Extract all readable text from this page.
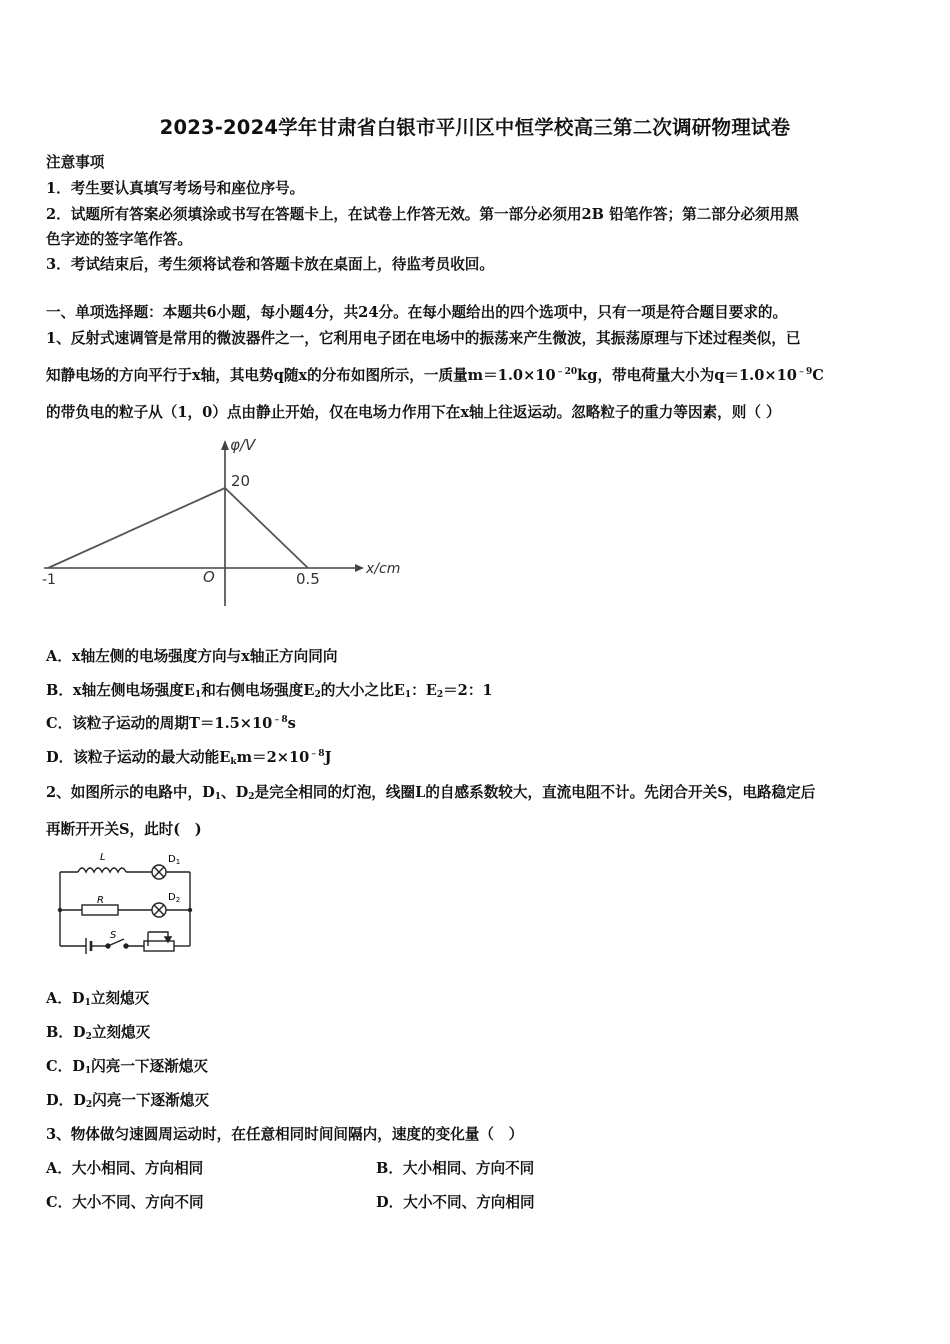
2023-2024学年甘肃省白银市平川区中恒学校高三第二次调研物理试卷
注意事项
1．考生要认真填写考场号和座位序号。
2．试题所有答案必须填涂或书写在答题卡上，在试卷上作答无效。第一部分必须用2B 铅笔作答；第二部分必须用黑
色字迹的签字笔作答。
3．考试结束后，考生须将试卷和答题卡放在桌面上，待监考员收回。
一、单项选择题：本题共6小题，每小题4分，共24分。在每小题给出的四个选项中，只有一项是符合题目要求的。
1、反射式速调管是常用的微波器件之一，它利用电子团在电场中的振荡来产生微波，其振荡原理与下述过程类似，已
知静电场的方向平行于x轴，其电势q随x的分布如图所示，一质量$m=1.0\times 10^{﹣20}kg$，带电荷量大小为$q=1.0\times 10^{﹣9}C$
的带负电的粒子从（1，0）点由静止开始，仅在电场力作用下在x轴上往返运动。忽略粒子的重力等因素，则（ ）
φ/V
x/cm
20
O
-1	0.5
A．x轴左侧的电场强度方向与x轴正方向同向
B．x轴左侧电场强度$E_1$和右侧电场强度$E_2$的大小之比$E_1$：$E_2=2$：1
C．该粒子运动的周期$T=1.5\times 10^{﹣8}s$
D．该粒子运动的最大动能$E_km=2\times 10^{﹣8}J$
2、如图所示的电路中，$D_1$、$D_2$是完全相同的灯泡，线圈L的自感系数较大，直流电阻不计。先闭合开关S，电路稳定后
再断开开关S，此时(　)
L
R
S
$D_1$
$D_2$
A．$D_1$立刻熄灭
B．$D_2$立刻熄灭
C．$D_1$闪亮一下逐渐熄灭
D．$D_2$闪亮一下逐渐熄灭
3、物体做匀速圆周运动时，在任意相同时间间隔内，速度的变化量（　）
A．大小相同、方向相同	B．大小相同、方向不同
C．大小不同、方向不同	D．大小不同、方向相同
